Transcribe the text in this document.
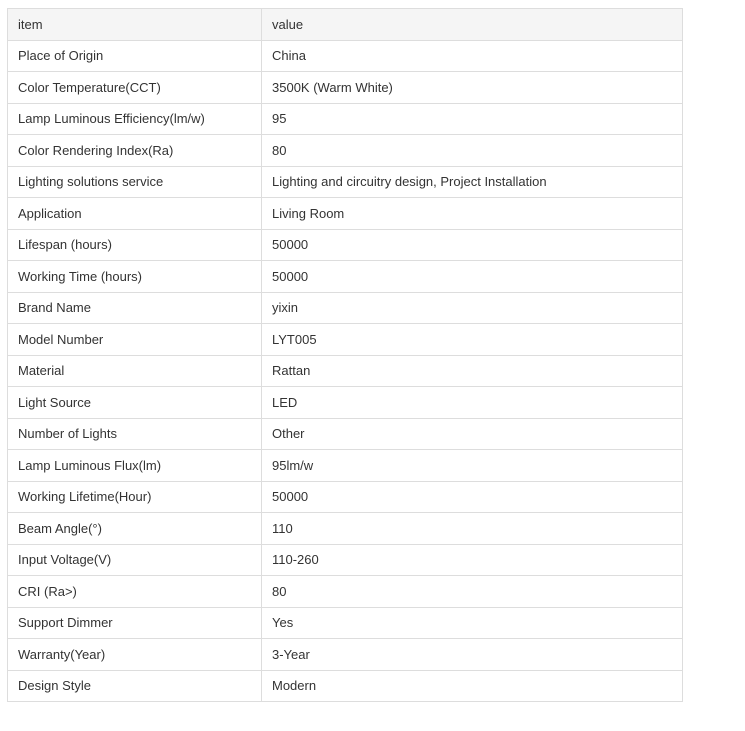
item	value
Place of Origin	China
Color Temperature(CCT)	3500K (Warm White)
Lamp Luminous Efficiency(lm/w)	95
Color Rendering Index(Ra)	80
Lighting solutions service	Lighting and circuitry design, Project Installation
Application	Living Room
Lifespan (hours)	50000
Working Time (hours)	50000
Brand Name	yixin
Model Number	LYT005
Material	Rattan
Light Source	LED
Number of Lights	Other
Lamp Luminous Flux(lm)	95lm/w
Working Lifetime(Hour)	50000
Beam Angle(°)	110
Input Voltage(V)	110-260
CRI (Ra>)	80
Support Dimmer	Yes
Warranty(Year)	3-Year
Design Style	Modern
